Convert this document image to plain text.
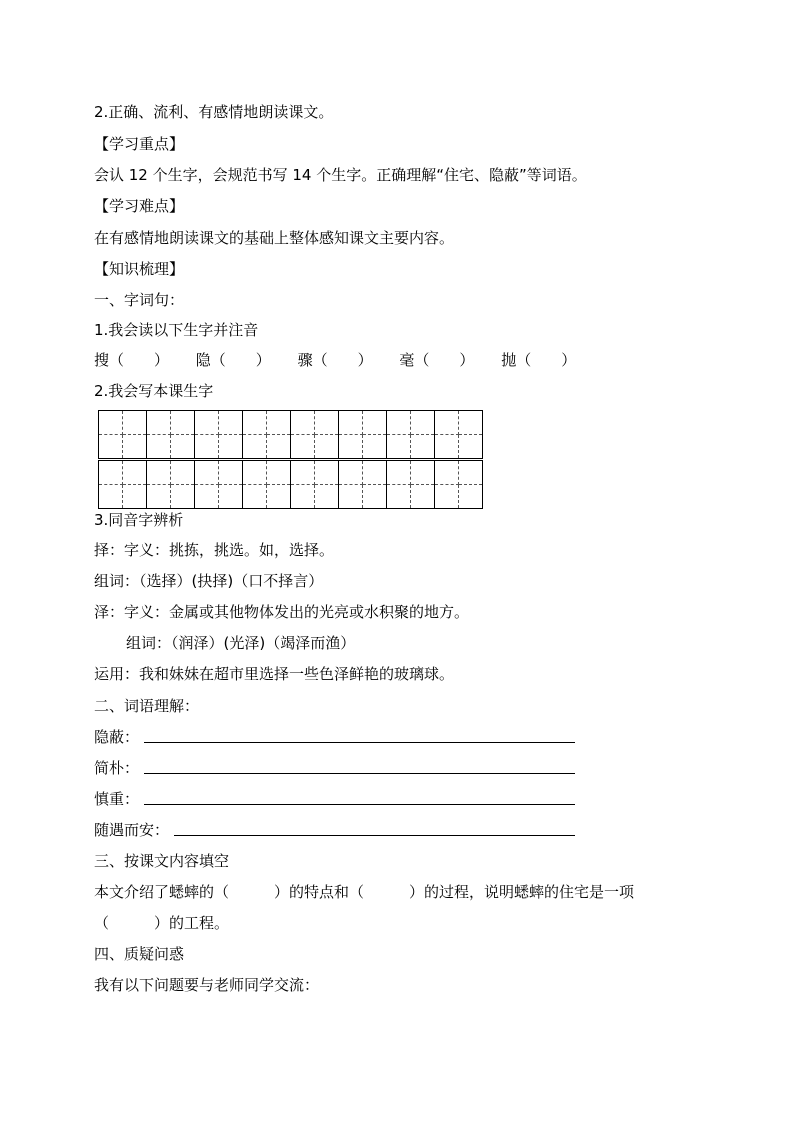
2.正确、流利、有感情地朗读课文。
【学习重点】
会认 12 个生字，会规范书写 14 个生字。正确理解“住宅、隐蔽”等词语。
【学习难点】
在有感情地朗读课文的基础上整体感知课文主要内容。
【知识梳理】
一、字词句：
1.我会读以下生字并注音
搜（　　） 隐（　　） 骤（　　） 毫（　　） 抛（　　）
2.我会写本课生字

3.同音字辨析
择：字义：挑拣，挑选。如，选择。
组词：（选择）(抉择)（口不择言）
泽：字义：金属或其他物体发出的光亮或水积聚的地方。
组词：（润泽）(光泽)（竭泽而渔）
运用：我和妹妹在超市里选择一些色泽鲜艳的玻璃球。
二、词语理解：
隐蔽：
简朴：
慎重：
随遇而安：
三、按课文内容填空
本文介绍了蟋蟀的（　　　）的特点和（　　　）的过程，说明蟋蟀的住宅是一项
（　　　）的工程。
四、质疑问惑
我有以下问题要与老师同学交流：
